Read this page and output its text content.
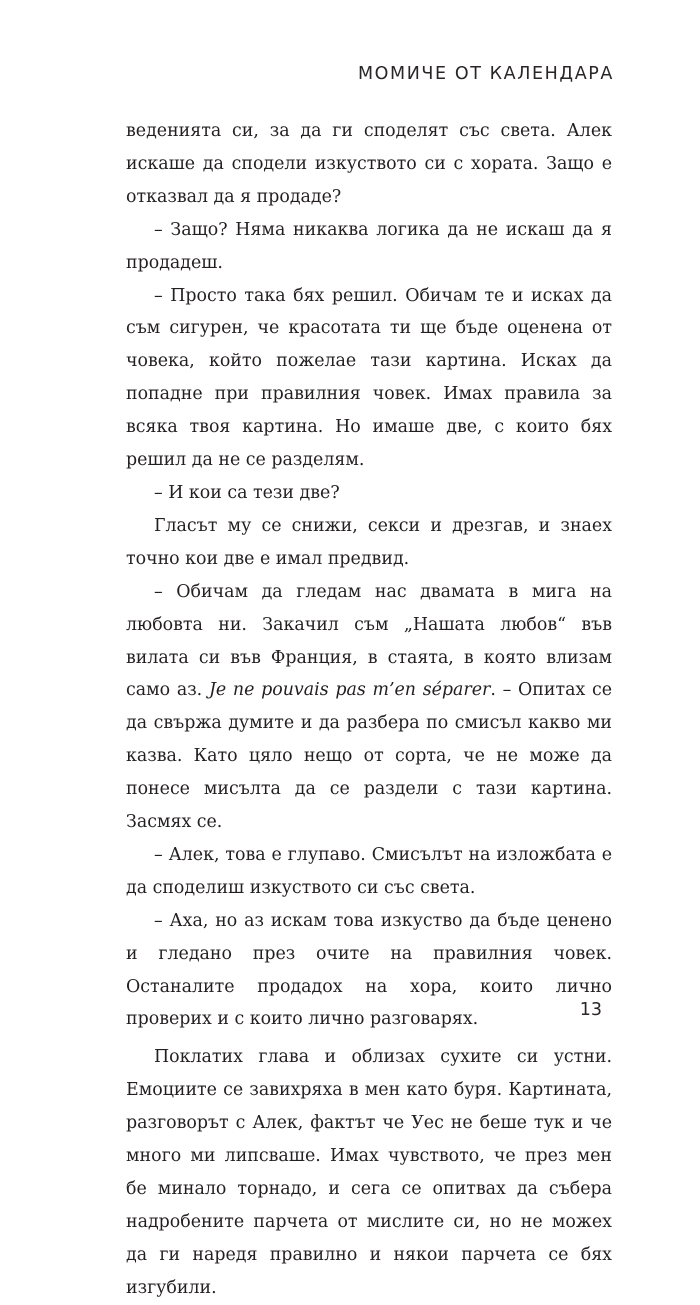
МОМИЧЕ ОТ КАЛЕНДАРА

веденията си, за да ги споделят със света. Алек искаше да сподели изкуството си с хората. Защо е отказвал да я продаде?

– Защо? Няма никаква логика да не искаш да я продадеш.

– Просто така бях решил. Обичам те и исках да съм сигурен, че красотата ти ще бъде оценена от човека, който пожелае тази картина. Исках да попадне при правилния човек. Имах правила за всяка твоя картина. Но имаше две, с които бях решил да не се разделям.

– И кои са тези две?

Гласът му се снижи, секси и дрезгав, и знаех точно кои две е имал предвид.

– Обичам да гледам нас двамата в мига на любовта ни. Закачил съм „Нашата любов“ във вилата си във Франция, в стаята, в която влизам само аз. Je ne pouvais pas m’en séparer. – Опитах се да свържа думите и да разбера по смисъл какво ми казва. Като цяло нещо от сорта, че не може да понесе мисълта да се раздели с тази картина. Засмях се.

– Алек, това е глупаво. Смисълът на изложбата е да споделиш изкуството си със света.

– Аха, но аз искам това изкуство да бъде ценено и гледано през очите на правилния човек. Останалите продадох на хора, които лично проверих и с които лично разговарях.

Поклатих глава и облизах сухите си устни. Емоциите се завихряха в мен като буря. Картината, разговорът с Алек, фактът че Уес не беше тук и че много ми липсваше. Имах чувството, че през мен бе минало торнадо, и сега се опитвах да събера надробените парчета от мислите си, но не можех да ги наредя правилно и някои парчета се бях изгубили.

13
